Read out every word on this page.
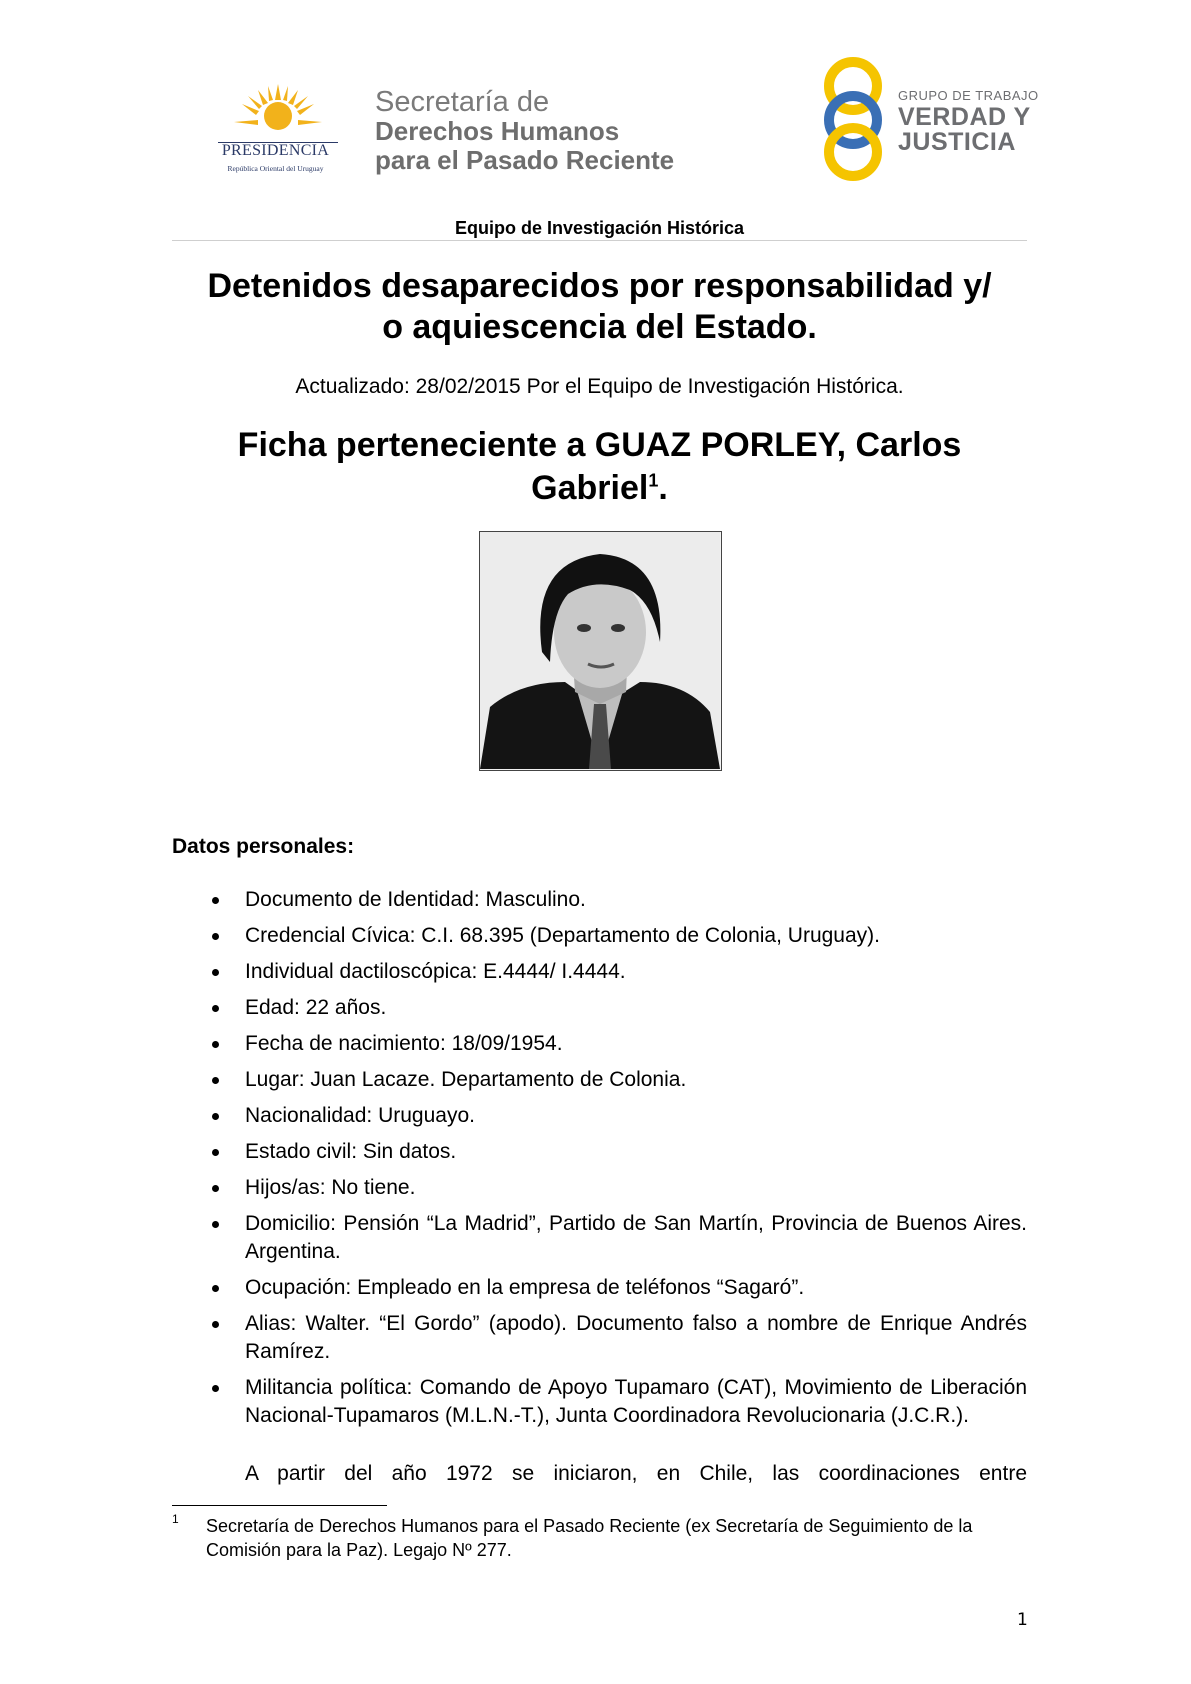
PRESIDENCIA
República Oriental del Uruguay
Secretaría de
Derechos Humanos
para el Pasado Reciente
GRUPO DE TRABAJO
VERDAD Y
JUSTICIA
Equipo de Investigación Histórica
Detenidos desaparecidos por responsabilidad y/
o aquiescencia del Estado.
Actualizado: 28/02/2015 Por el Equipo de Investigación Histórica.
Ficha perteneciente a GUAZ PORLEY, Carlos
Gabriel$^1$.
Datos personales:
Documento de Identidad: Masculino.
Credencial Cívica: C.I. 68.395 (Departamento de Colonia, Uruguay).
Individual dactiloscópica: E.4444/ I.4444.
Edad: 22 años.
Fecha de nacimiento: 18/09/1954.
Lugar: Juan Lacaze. Departamento de Colonia.
Nacionalidad: Uruguayo.
Estado civil: Sin datos.
Hijos/as: No tiene.
Domicilio: Pensión “La Madrid”, Partido de San Martín, Provincia de Buenos Aires. Argentina.
Ocupación: Empleado en la empresa de teléfonos “Sagaró”.
Alias: Walter. “El Gordo” (apodo). Documento falso a nombre de Enrique Andrés Ramírez.
Militancia política: Comando de Apoyo Tupamaro (CAT), Movimiento de Liberación Nacional-Tupamaros (M.L.N.-T.), Junta Coordinadora Revolucionaria (J.C.R.).
A partir del año 1972 se iniciaron, en Chile, las coordinaciones entre
1 Secretaría de Derechos Humanos para el Pasado Reciente (ex Secretaría de Seguimiento de la Comisión para la Paz). Legajo Nº 277.
1
